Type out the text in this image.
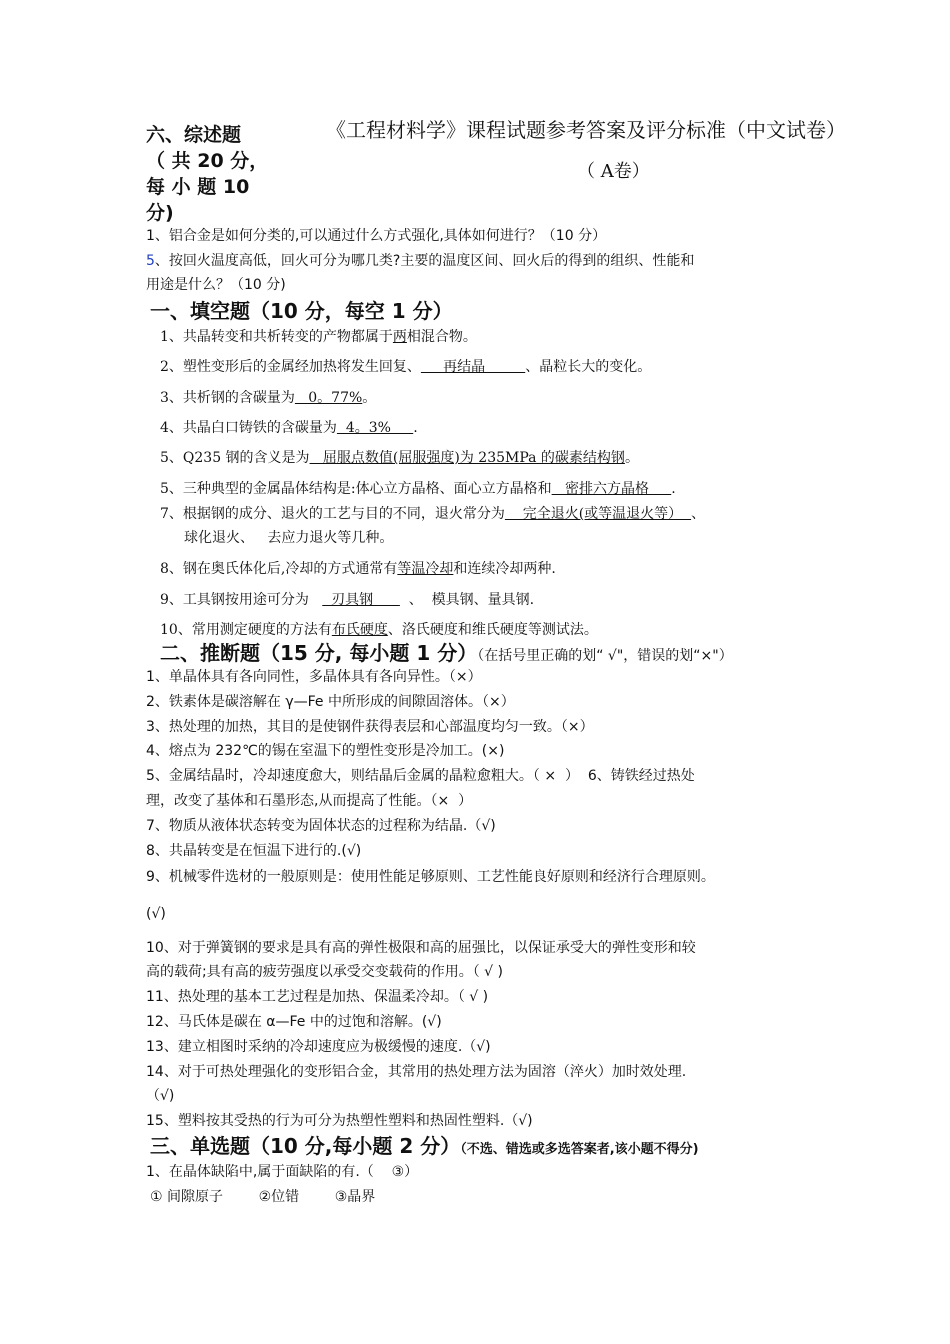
《工程材料学》课程试题参考答案及评分标准（中文试卷）
（ A卷）
六、综述题
（ 共 20 分，
每 小 题 10
分)
1、铝合金是如何分类的,可以通过什么方式强化,具体如何进行？（10 分）
5、按回火温度高低，回火可分为哪几类?主要的温度区间、回火后的得到的组织、性能和
用途是什么？（10 分)
一、填空题（10 分，每空 1 分）
1、共晶转变和共析转变的产物都属于两相混合物。
2、塑性变形后的金属经加热将发生回复、     再结晶         、晶粒长大的变化。
3、共析钢的含碳量为   0。77%。
4、共晶白口铸铁的含碳量为  4。3%     .
5、Q235 钢的含义是为   屈服点数值(屈服强度)为 235MPa 的碳素结构钢。
5、三种典型的金属晶体结构是:体心立方晶格、面心立方晶格和   密排六方晶格     .
7、根据钢的成分、退火的工艺与目的不同，退火常分为    完全退火(或等温退火等）  、
球化退火、   去应力退火等几种。
8、钢在奥氏体化后,冷却的方式通常有等温冷却和连续冷却两种.
9、工具钢按用途可分为     刃具钢        、  模具钢、量具钢.
10、常用测定硬度的方法有布氏硬度、洛氏硬度和维氏硬度等测试法。
二、推断题（15 分, 每小题 1 分）（在括号里正确的划“ √"，错误的划“×"）
1、单晶体具有各向同性，多晶体具有各向异性。（×）
2、铁素体是碳溶解在 γ—Fe 中所形成的间隙固溶体。（×）
3、热处理的加热，其目的是使钢件获得表层和心部温度均匀一致。（×）
4、熔点为 232℃的锡在室温下的塑性变形是冷加工。(×)
5、金属结晶时，冷却速度愈大，则结晶后金属的晶粒愈粗大。（ ×  ）  6、铸铁经过热处
理，改变了基体和石墨形态,从而提高了性能。（×  ）
7、物质从液体状态转变为固体状态的过程称为结晶.（√)
8、共晶转变是在恒温下进行的.(√)
9、机械零件选材的一般原则是：使用性能足够原则、工艺性能良好原则和经济行合理原则。
(√)
10、对于弹簧钢的要求是具有高的弹性极限和高的屈强比，以保证承受大的弹性变形和较
高的载荷;具有高的疲劳强度以承受交变载荷的作用。（ √ )
11、热处理的基本工艺过程是加热、保温柔冷却。（ √ )
12、马氏体是碳在 α—Fe 中的过饱和溶解。(√)
13、建立相图时采纳的冷却速度应为极缓慢的速度.（√)
14、对于可热处理强化的变形铝合金，其常用的热处理方法为固溶（淬火）加时效处理.
（√)
15、塑料按其受热的行为可分为热塑性塑料和热固性塑料.（√)
三、单选题（10 分,每小题 2 分）（不选、错选或多选答案者,该小题不得分)
1、在晶体缺陷中,属于面缺陷的有.（    ③）
① 间隙原子        ②位错        ③晶界
